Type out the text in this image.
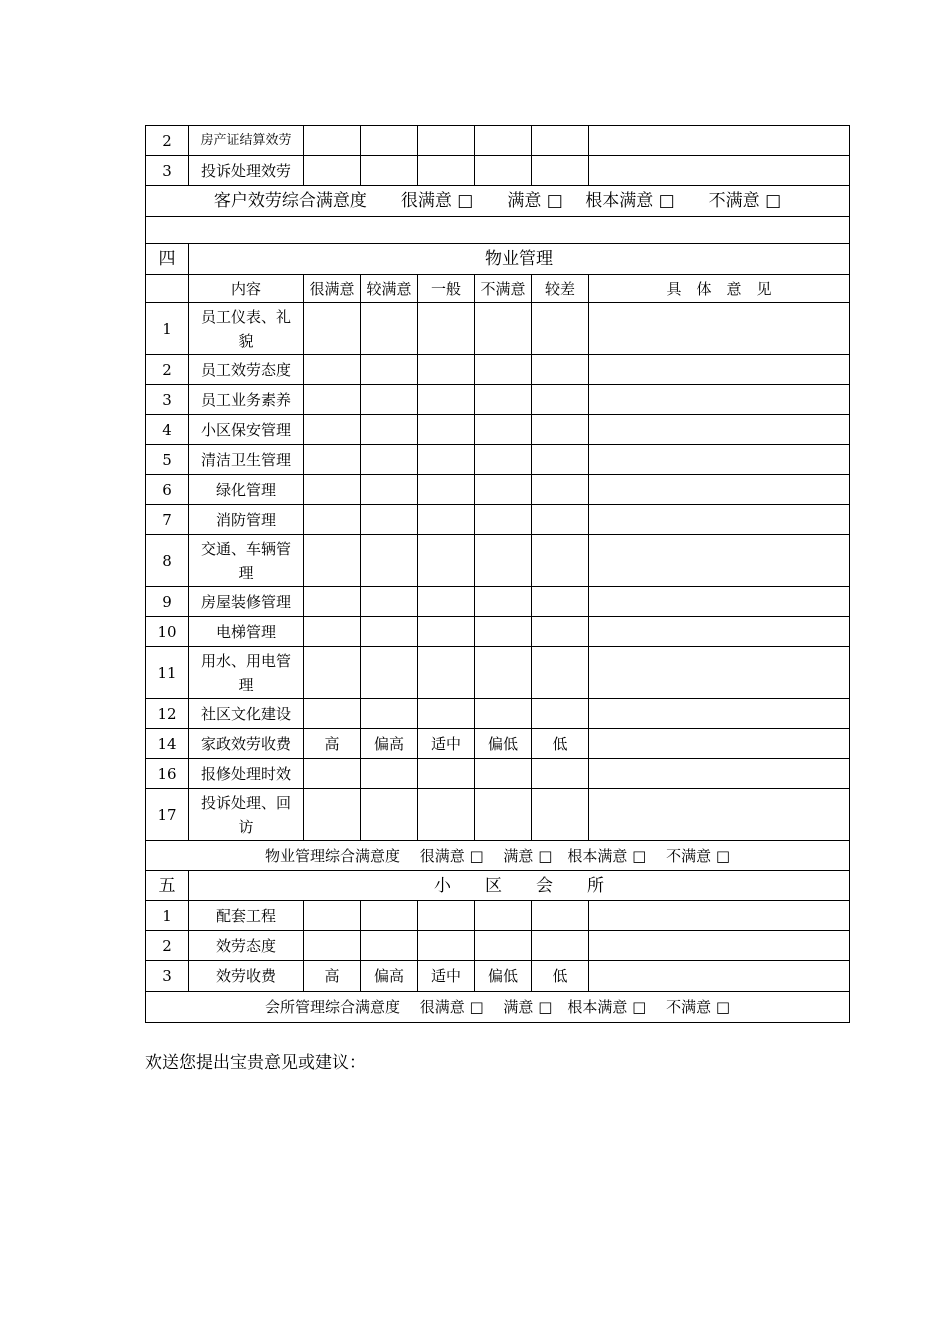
2	房产证结算效劳						
3	投诉处理效劳						
客户效劳综合满意度　　很满意 □　　满意 □　 根本满意 □　　不满意 □							

四	物业管理						
	内容	很满意	较满意	一般	不满意	较差	具　体　意　见
1	员工仪表、礼貌						
2	员工效劳态度						
3	员工业务素养						
4	小区保安管理						
5	清洁卫生管理						
6	绿化管理						
7	消防管理						
8	交通、车辆管理						
9	房屋装修管理						
10	电梯管理						
11	用水、用电管理						
12	社区文化建设						
14	家政效劳收费	高	偏高	适中	偏低	低	
16	报修处理时效						
17	投诉处理、回访						
物业管理综合满意度　 很满意 □　 满意 □　根本满意 □　 不满意 □							
五	小　　区　　会　　所						
1	配套工程						
2	效劳态度						
3	效劳收费	高	偏高	适中	偏低	低	
会所管理综合满意度　 很满意 □　 满意 □　根本满意 □　 不满意 □							
欢送您提出宝贵意见或建议：
